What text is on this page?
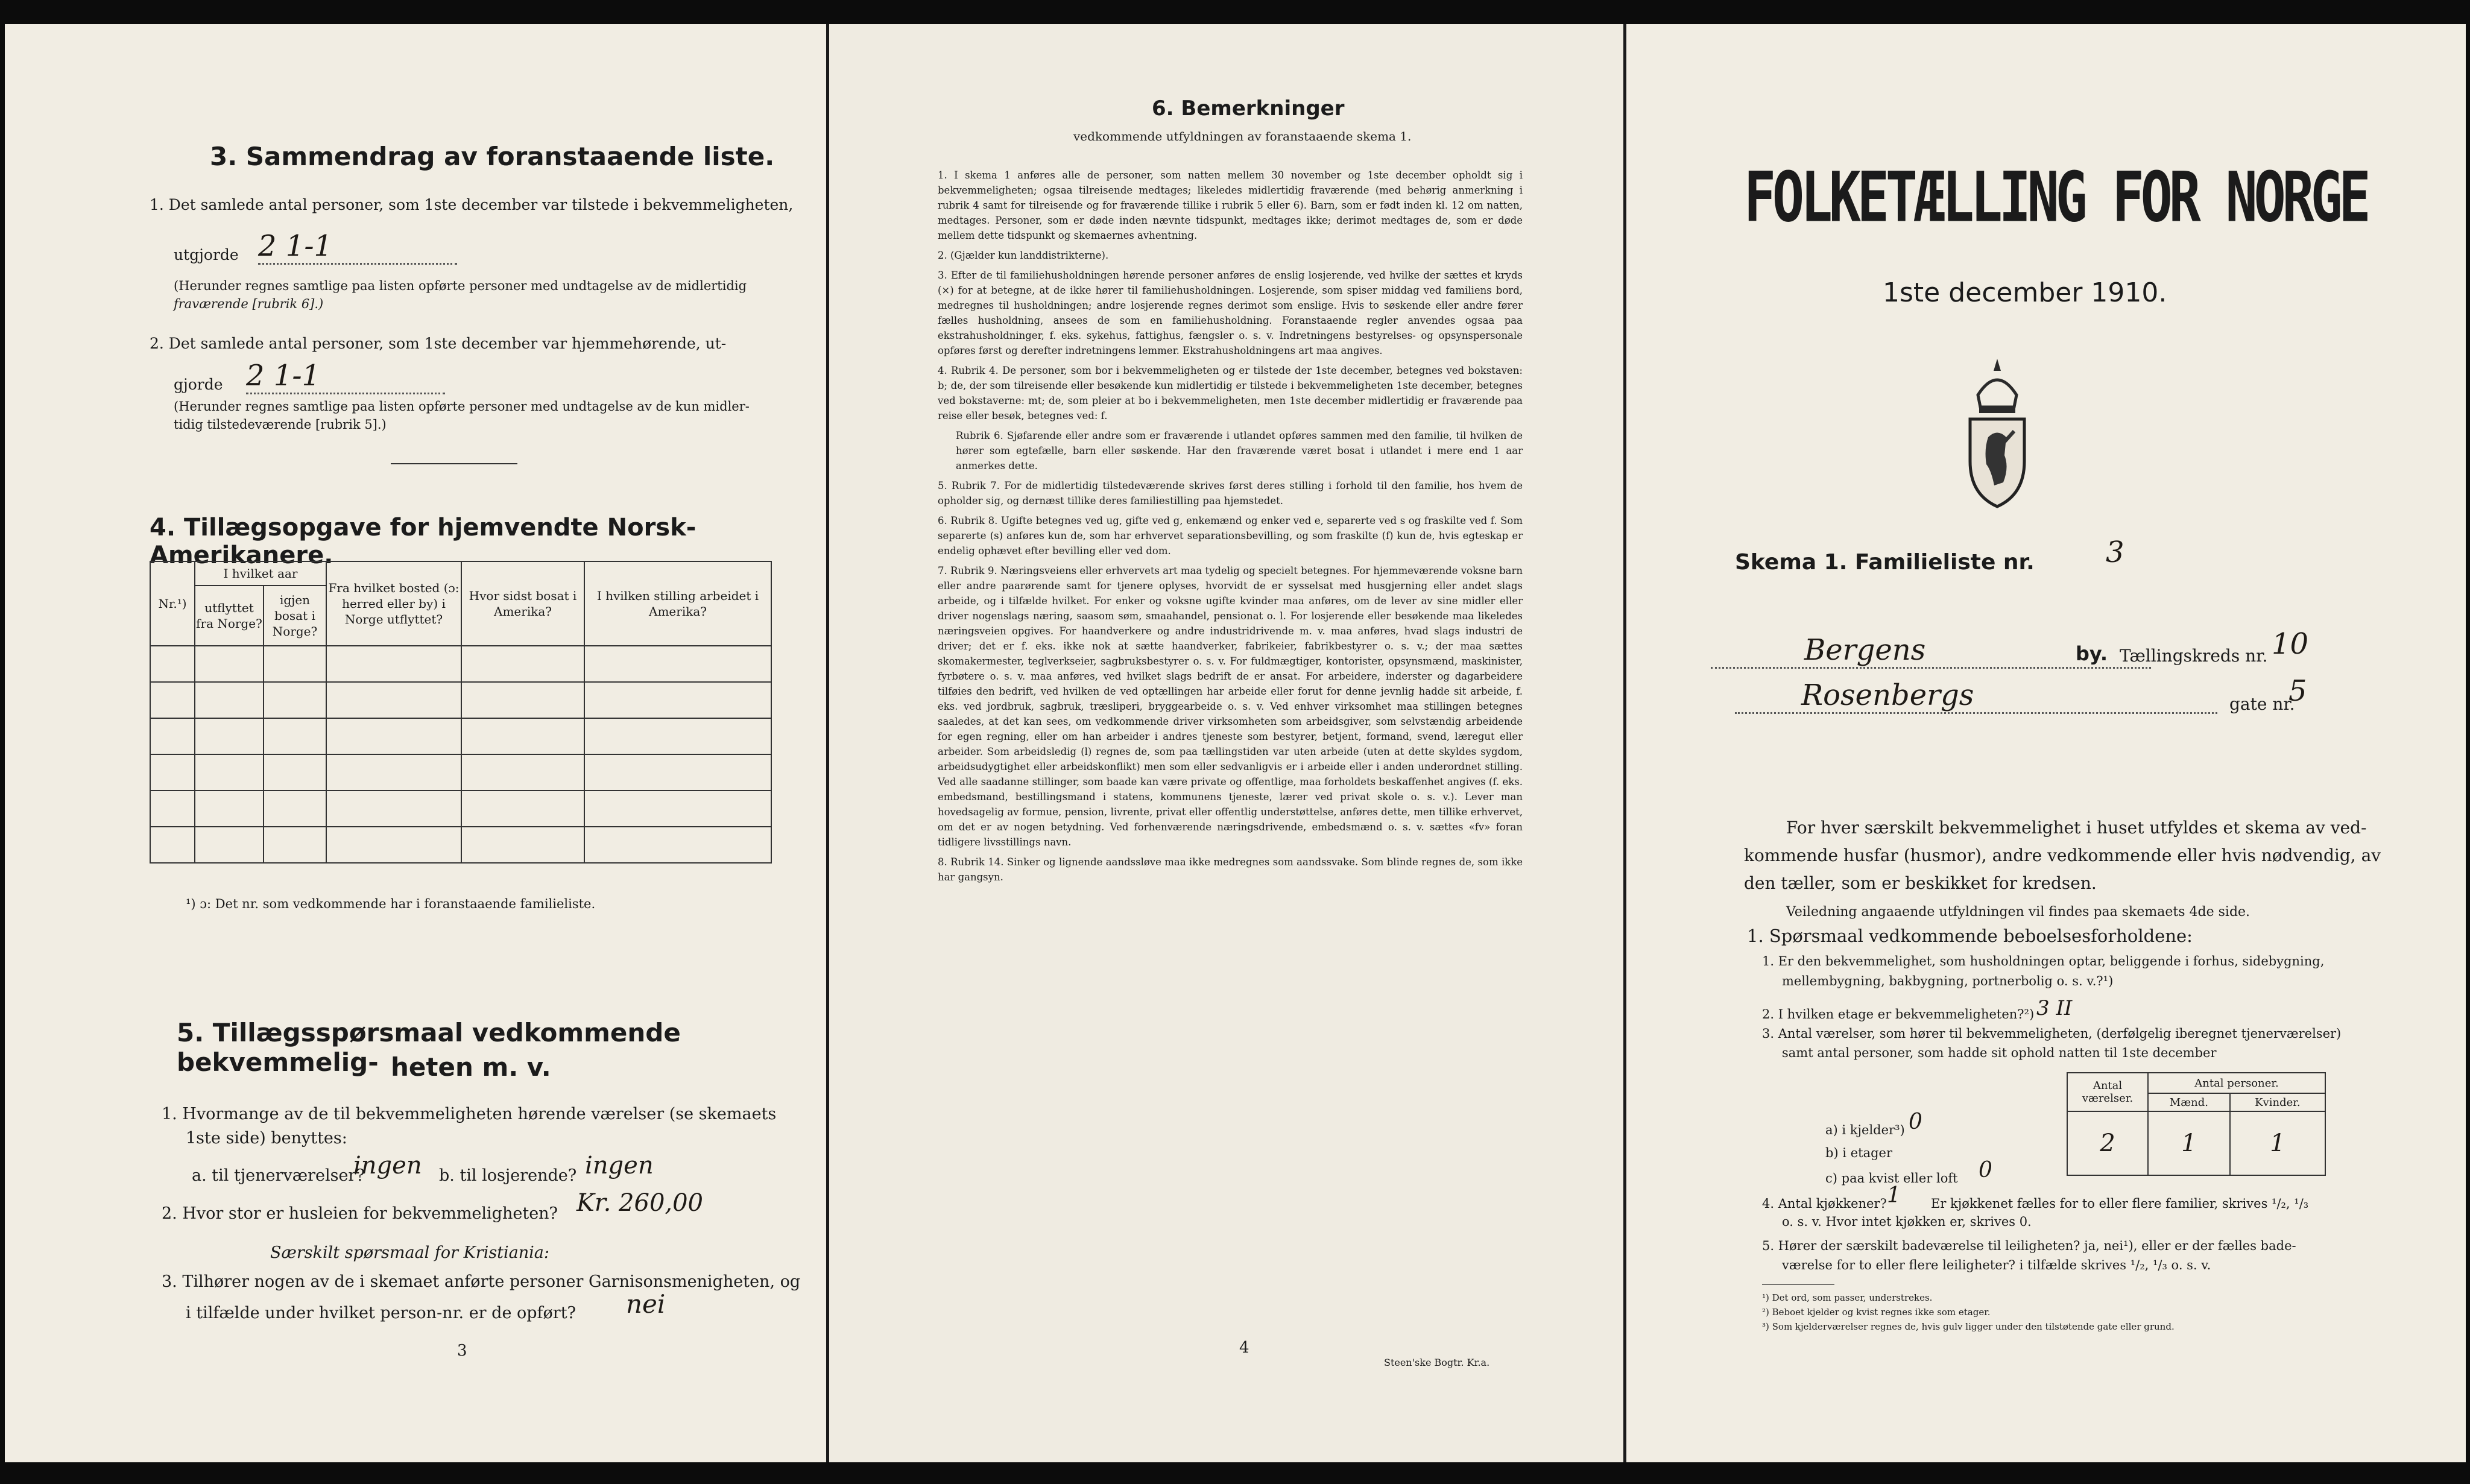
3. Sammendrag av foranstaaende liste.
1. Det samlede antal personer, som 1ste december var tilstede i bekvemmeligheten,
utgjorde 2 1-1
(Herunder regnes samtlige paa listen opførte personer med undtagelse av de midlertidig
fraværende [rubrik 6].)
2. Det samlede antal personer, som 1ste december var hjemmehørende, ut-
gjorde 2 1-1
(Herunder regnes samtlige paa listen opførte personer med undtagelse av de kun midler-
tidig tilstedeværende [rubrik 5].)
4. Tillægsopgave for hjemvendte Norsk-Amerikanere.
Nr.¹)	I hvilket aar		Fra hvilket bosted (ɔ: herred eller by) i Norge utflyttet?	Hvor sidst bosat i Amerika?	I hvilken stilling arbeidet i Amerika?
	utflyttet fra Norge?	igjen bosat i Norge?			

¹) ɔ: Det nr. som vedkommende har i foranstaaende familieliste.
5. Tillægsspørsmaal vedkommende bekvemmelig- heten m. v.
1. Hvormange av de til bekvemmeligheten hørende værelser (se skemaets
1ste side) benyttes:
a. til tjenerværelser?
ingen b. til losjerende? ingen
2. Hvor stor er husleien for bekvemmeligheten? Kr. 260,00
Særskilt spørsmaal for Kristiania:
3. Tilhører nogen av de i skemaet anførte personer Garnisonsmenigheten, og
i tilfælde under hvilket person-nr. er de opført? nei
3
6. Bemerkninger
vedkommende utfyldningen av foranstaaende skema 1.

1. I skema 1 anføres alle de personer, som natten mellem 30 november og 1ste december opholdt sig i bekvemmeligheten; ogsaa tilreisende medtages; likeledes midlertidig fraværende (med behørig anmerkning i rubrik 4 samt for tilreisende og for fraværende tillike i rubrik 5 eller 6). Barn, som er født inden kl. 12 om natten, medtages. Personer, som er døde inden nævnte tidspunkt, medtages ikke; derimot medtages de, som er døde mellem dette tidspunkt og skemaernes avhentning.

2. (Gjælder kun landdistrikterne).

3. Efter de til familiehusholdningen hørende personer anføres de enslig losjerende, ved hvilke der sættes et kryds (×) for at betegne, at de ikke hører til familiehusholdningen. Losjerende, som spiser middag ved familiens bord, medregnes til husholdningen; andre losjerende regnes derimot som enslige. Hvis to søskende eller andre fører fælles husholdning, ansees de som en familiehusholdning. Foranstaaende regler anvendes ogsaa paa ekstrahusholdninger, f. eks. sykehus, fattighus, fængsler o. s. v. Indretningens bestyrelses- og opsynspersonale opføres først og derefter indretningens lemmer. Ekstrahusholdningens art maa angives.

4. Rubrik 4. De personer, som bor i bekvemmeligheten og er tilstede der 1ste december, betegnes ved bokstaven: b; de, der som tilreisende eller besøkende kun midlertidig er tilstede i bekvemmeligheten 1ste december, betegnes ved bokstaverne: mt; de, som pleier at bo i bekvemmeligheten, men 1ste december midlertidig er fraværende paa reise eller besøk, betegnes ved: f.

Rubrik 6. Sjøfarende eller andre som er fraværende i utlandet opføres sammen med den familie, til hvilken de hører som egtefælle, barn eller søskende. Har den fraværende været bosat i utlandet i mere end 1 aar anmerkes dette.

5. Rubrik 7. For de midlertidig tilstedeværende skrives først deres stilling i forhold til den familie, hos hvem de opholder sig, og dernæst tillike deres familiestilling paa hjemstedet.

6. Rubrik 8. Ugifte betegnes ved ug, gifte ved g, enkemænd og enker ved e, separerte ved s og fraskilte ved f. Som separerte (s) anføres kun de, som har erhvervet separationsbevilling, og som fraskilte (f) kun de, hvis egteskap er endelig ophævet efter bevilling eller ved dom.

7. Rubrik 9. Næringsveiens eller erhvervets art maa tydelig og specielt betegnes. For hjemmeværende voksne barn eller andre paarørende samt for tjenere oplyses, hvorvidt de er sysselsat med husgjerning eller andet slags arbeide, og i tilfælde hvilket. For enker og voksne ugifte kvinder maa anføres, om de lever av sine midler eller driver nogenslags næring, saasom søm, smaahandel, pensionat o. l. For losjerende eller besøkende maa likeledes næringsveien opgives. For haandverkere og andre industridrivende m. v. maa anføres, hvad slags industri de driver; det er f. eks. ikke nok at sætte haandverker, fabrikeier, fabrikbestyrer o. s. v.; der maa sættes skomakermester, teglverkseier, sagbruksbestyrer o. s. v. For fuldmægtiger, kontorister, opsynsmænd, maskinister, fyrbøtere o. s. v. maa anføres, ved hvilket slags bedrift de er ansat. For arbeidere, inderster og dagarbeidere tilføies den bedrift, ved hvilken de ved optællingen har arbeide eller forut for denne jevnlig hadde sit arbeide, f. eks. ved jordbruk, sagbruk, træsliperi, bryggearbeide o. s. v. Ved enhver virksomhet maa stillingen betegnes saaledes, at det kan sees, om vedkommende driver virksomheten som arbeidsgiver, som selvstændig arbeidende for egen regning, eller om han arbeider i andres tjeneste som bestyrer, betjent, formand, svend, læregut eller arbeider. Som arbeidsledig (l) regnes de, som paa tællingstiden var uten arbeide (uten at dette skyldes sygdom, arbeidsudygtighet eller arbeidskonflikt) men som eller sedvanligvis er i arbeide eller i anden underordnet stilling. Ved alle saadanne stillinger, som baade kan være private og offentlige, maa forholdets beskaffenhet angives (f. eks. embedsmand, bestillingsmand i statens, kommunens tjeneste, lærer ved privat skole o. s. v.). Lever man hovedsagelig av formue, pension, livrente, privat eller offentlig understøttelse, anføres dette, men tillike erhvervet, om det er av nogen betydning. Ved forhenværende næringsdrivende, embedsmænd o. s. v. sættes «fv» foran tidligere livsstillings navn.

8. Rubrik 14. Sinker og lignende aandssløve maa ikke medregnes som aandssvake. Som blinde regnes de, som ikke har gangsyn.

4
Steen'ske Bogtr. Kr.a.
FOLKETÆLLING FOR NORGE
1ste december 1910.
Skema 1. Familieliste nr. 3
Bergens	by. Tællingskreds nr. 10
Rosenbergs	gate nr.
5
For hver særskilt bekvemmelighet i huset utfyldes et skema av ved-
kommende husfar (husmor), andre vedkommende eller hvis nødvendig, av
den tæller, som er beskikket for kredsen.
Veiledning angaaende utfyldningen vil findes paa skemaets 4de side.
1. Spørsmaal vedkommende beboelsesforholdene:
1. Er den bekvemmelighet, som husholdningen optar, beliggende i forhus, sidebygning,
mellembygning, bakbygning, portnerbolig o. s. v.?¹)
2. I hvilken etage er bekvemmeligheten?²) 3 II
3. Antal værelser, som hører til bekvemmeligheten, (derfølgelig iberegnet tjenerværelser)
samt antal personer, som hadde sit ophold natten til 1ste december
Antal værelser.	Antal personer.	
	Mænd.	Kvinder.
2	1	1
a) i kjelder³) 0
b) i etager
c) paa kvist eller loft 0
4. Antal kjøkkener? 1 Er kjøkkenet fælles for to eller flere familier, skrives ¹/₂, ¹/₃
o. s. v. Hvor intet kjøkken er, skrives 0.
5. Hører der særskilt badeværelse til leiligheten? ja, nei¹), eller er der fælles bade-
værelse for to eller flere leiligheter? i tilfælde skrives ¹/₂, ¹/₃ o. s. v.
¹) Det ord, som passer, understrekes.
²) Beboet kjelder og kvist regnes ikke som etager.
³) Som kjelderværelser regnes de, hvis gulv ligger under den tilstøtende gate eller grund.
